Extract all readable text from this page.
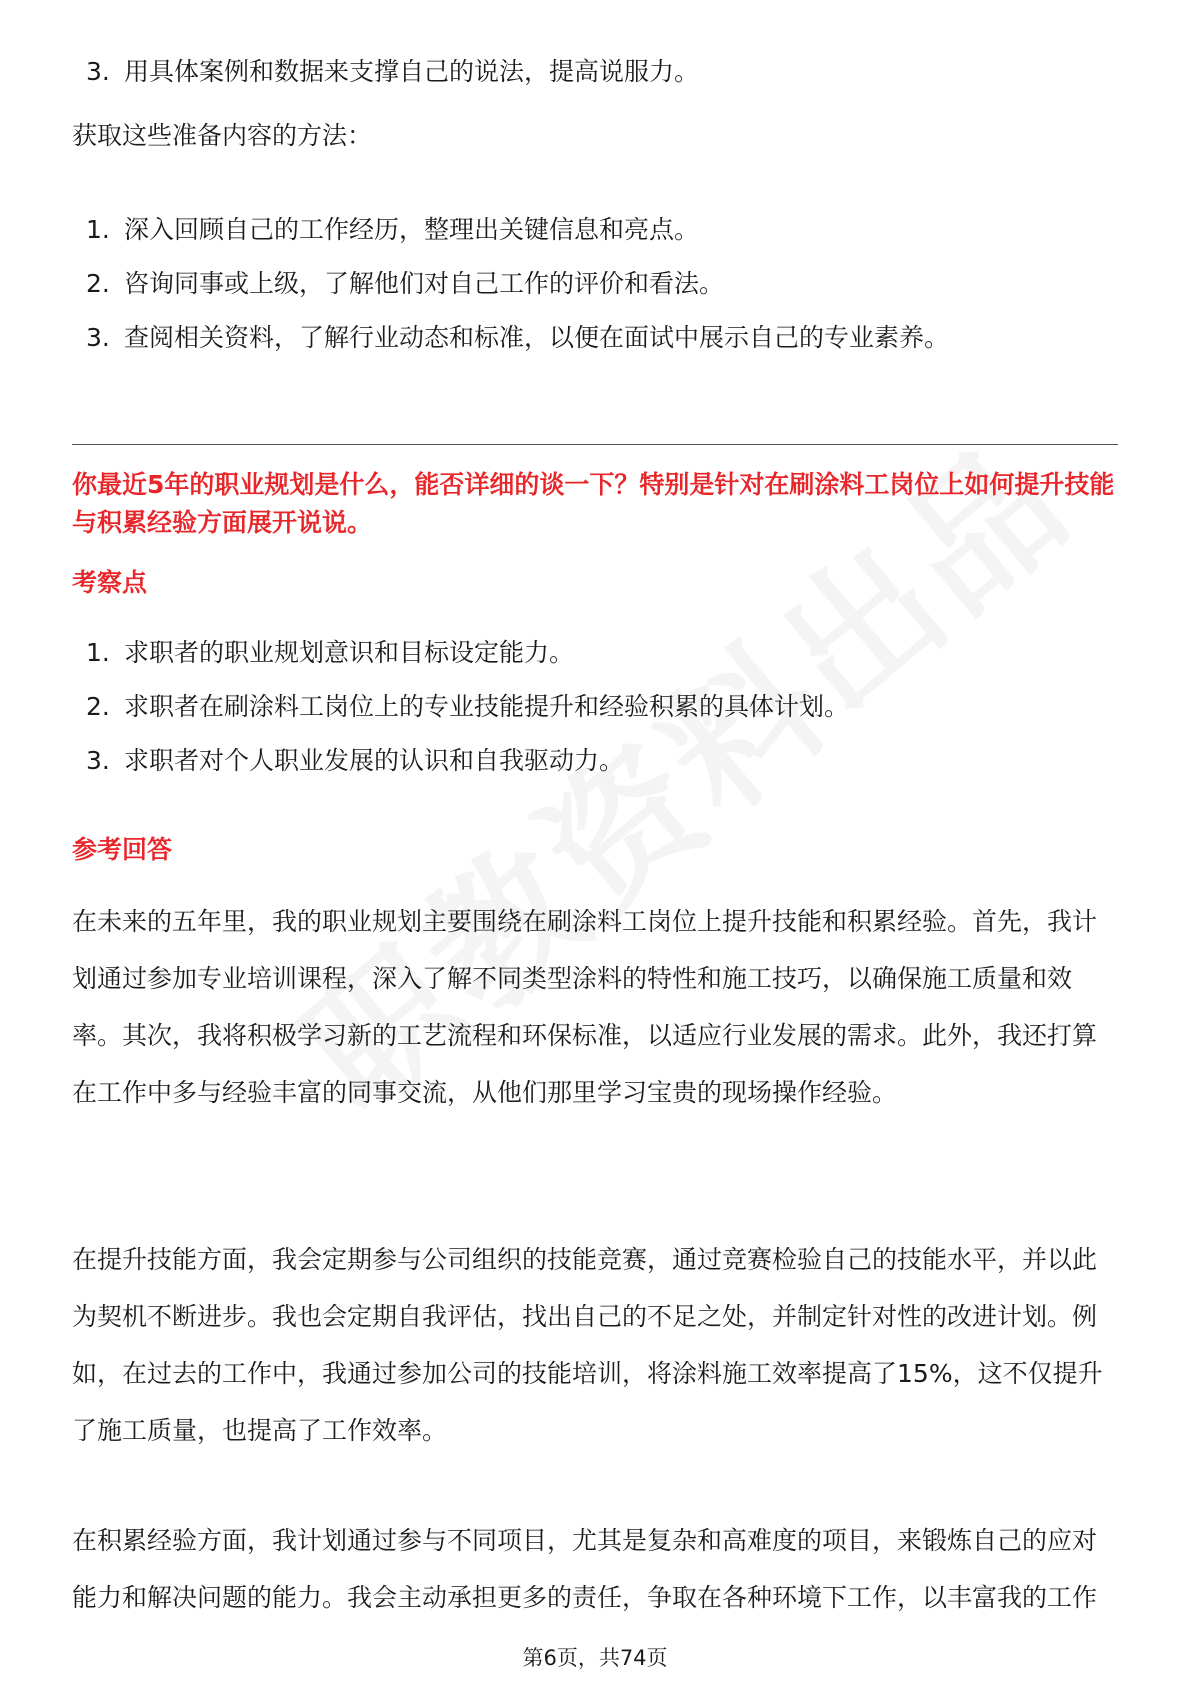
3. 用具体案例和数据来支撑自己的说法，提高说服力。

获取这些准备内容的方法：

1. 深入回顾自己的工作经历，整理出关键信息和亮点。
2. 咨询同事或上级，了解他们对自己工作的评价和看法。
3. 查阅相关资料，了解行业动态和标准，以便在面试中展示自己的专业素养。

你最近5年的职业规划是什么，能否详细的谈一下？特别是针对在刷涂料工岗位上如何提升技能与积累经验方面展开说说。

考察点

1. 求职者的职业规划意识和目标设定能力。
2. 求职者在刷涂料工岗位上的专业技能提升和经验积累的具体计划。
3. 求职者对个人职业发展的认识和自我驱动力。

参考回答

在未来的五年里，我的职业规划主要围绕在刷涂料工岗位上提升技能和积累经验。首先，我计划通过参加专业培训课程，深入了解不同类型涂料的特性和施工技巧，以确保施工质量和效率。其次，我将积极学习新的工艺流程和环保标准，以适应行业发展的需求。此外，我还打算在工作中多与经验丰富的同事交流，从他们那里学习宝贵的现场操作经验。

在提升技能方面，我会定期参与公司组织的技能竞赛，通过竞赛检验自己的技能水平，并以此为契机不断进步。我也会定期自我评估，找出自己的不足之处，并制定针对性的改进计划。例如，在过去的工作中，我通过参加公司的技能培训，将涂料施工效率提高了15%，这不仅提升了施工质量，也提高了工作效率。

在积累经验方面，我计划通过参与不同项目，尤其是复杂和高难度的项目，来锻炼自己的应对能力和解决问题的能力。我会主动承担更多的责任，争取在各种环境下工作，以丰富我的工作

第6页，共74页
